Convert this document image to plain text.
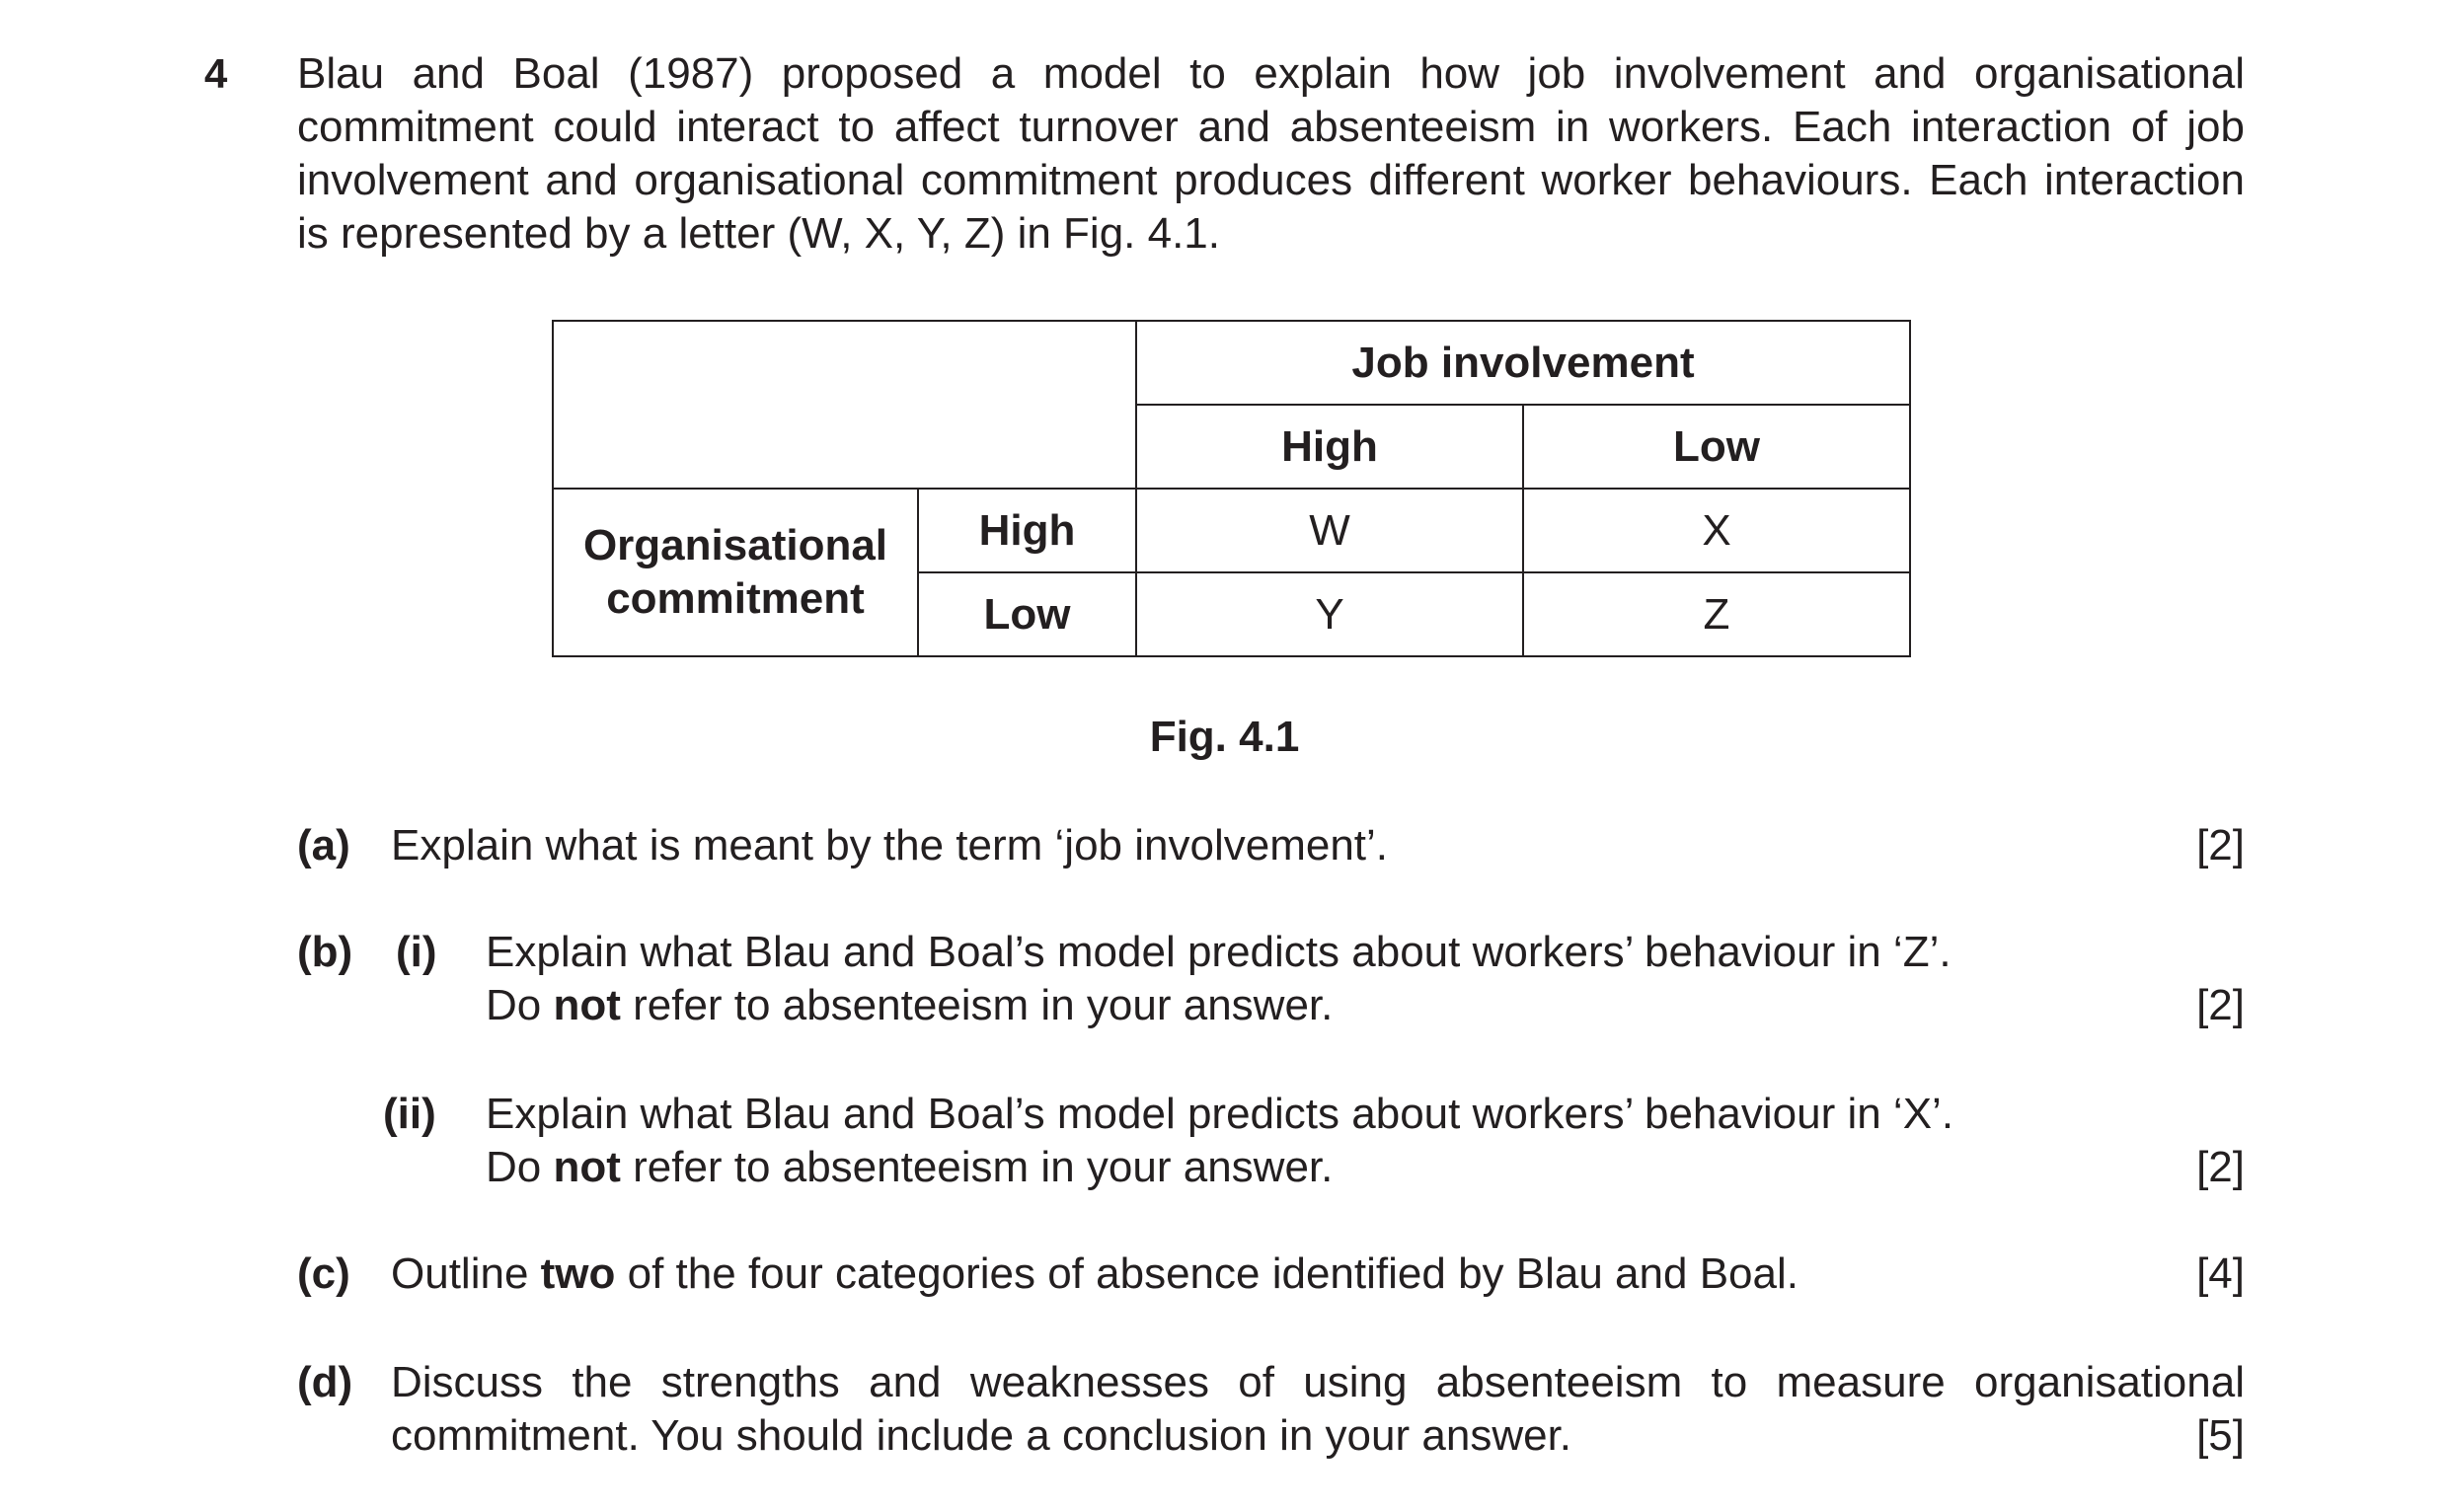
4 Blau and Boal (1987) proposed a model to explain how job involvement and organisational commitment could interact to affect turnover and absenteeism in workers. Each interaction of job involvement and organisational commitment produces different worker behaviours. Each interaction is represented by a letter (W, X, Y, Z) in Fig. 4.1.
		Job involvement	
		High	Low
Organisational
commitment	High	W	X
	Low	Y	Z
Fig. 4.1
(a) Explain what is meant by the term ‘job involvement’.	[2]
(b) (i) Explain what Blau and Boal’s model predicts about workers’ behaviour in ‘Z’.
Do not refer to absenteeism in your answer.	[2]
(ii) Explain what Blau and Boal’s model predicts about workers’ behaviour in ‘X’.
Do not refer to absenteeism in your answer.	[2]
(c) Outline two of the four categories of absence identified by Blau and Boal.	[4]
(d) Discuss the strengths and weaknesses of using absenteeism to measure organisational
commitment. You should include a conclusion in your answer.	[5]
